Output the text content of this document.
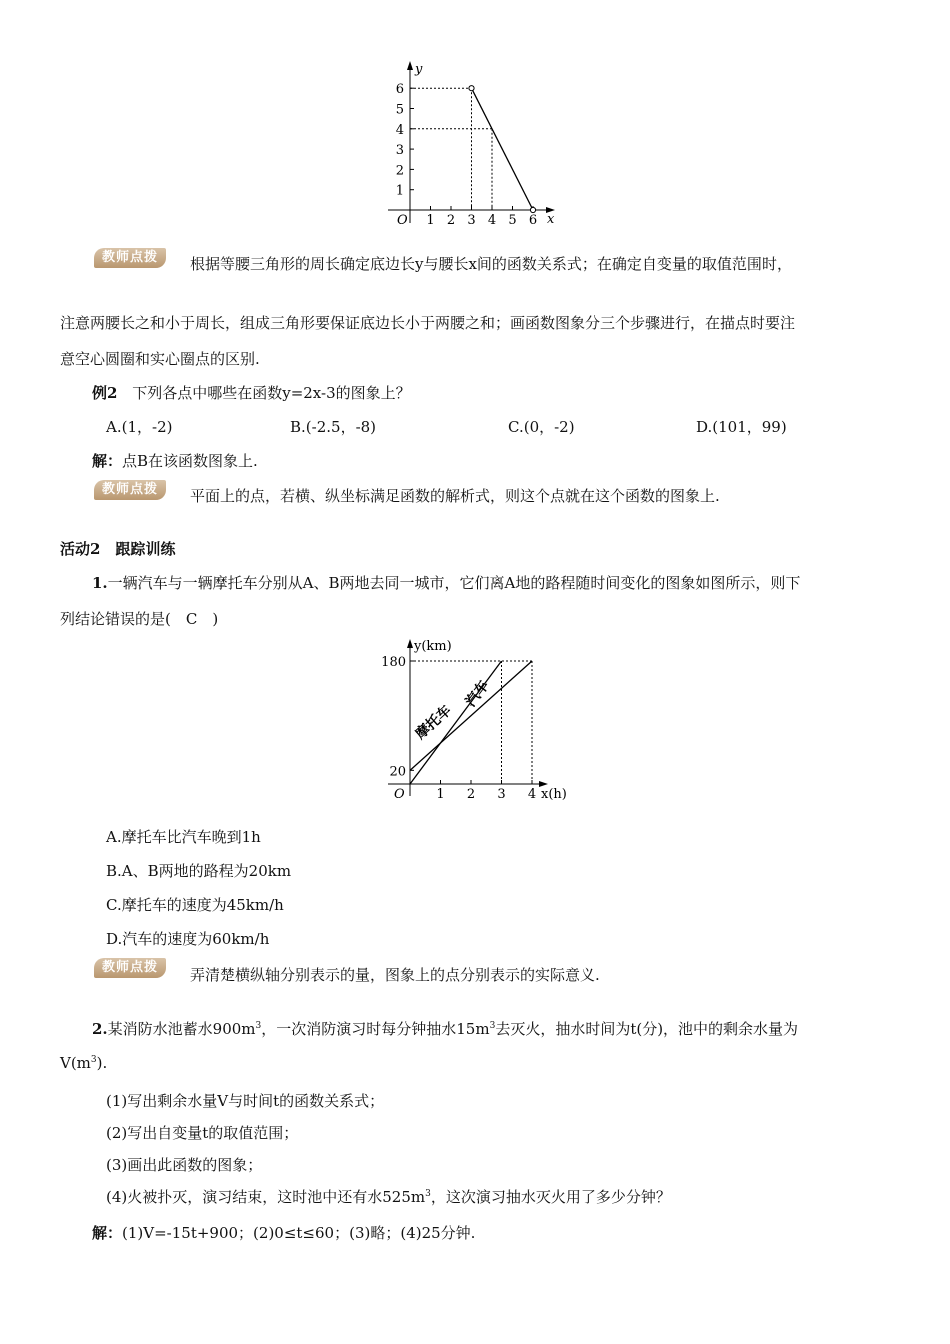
1 2 3 4 5 6
1
2
3
4
5
6
O	x
y
教师点拨	根据等腰三角形的周长确定底边长y与腰长x间的函数关系式；在确定自变量的取值范围时，
注意两腰长之和小于周长，组成三角形要保证底边长小于两腰之和；画函数图象分三个步骤进行，在描点时要注
意空心圆圈和实心圈点的区别.
例2 下列各点中哪些在函数y=2x-3的图象上？
A.(1，-2)	B.(-2.5，-8)	C.(0，-2)	D.(101，99)
解：点B在该函数图象上.
教师点拨	平面上的点，若横、纵坐标满足函数的解析式，则这个点就在这个函数的图象上.
活动2　跟踪训练
1.一辆汽车与一辆摩托车分别从A、B两地去同一城市，它们离A地的路程随时间变化的图象如图所示，则下
列结论错误的是(　C　)
1 2 3 4
20
180
O	x(h)
y(km)
汽车
摩托车
A.摩托车比汽车晚到1h
B.A、B两地的路程为20km
C.摩托车的速度为45km/h
D.汽车的速度为60km/h
教师点拨	弄清楚横纵轴分别表示的量，图象上的点分别表示的实际意义.
2.某消防水池蓄水$900m^3$，一次消防演习时每分钟抽水$15m^3$去灭火，抽水时间为t(分)，池中的剩余水量为
$V(m^3)$.
(1)写出剩余水量V与时间t的函数关系式；
(2)写出自变量t的取值范围；
(3)画出此函数的图象；
(4)火被扑灭，演习结束，这时池中还有水$525m^3$，这次演习抽水灭火用了多少分钟？
解：(1)V=-15t+900；(2)0≤t≤60；(3)略；(4)25分钟.
